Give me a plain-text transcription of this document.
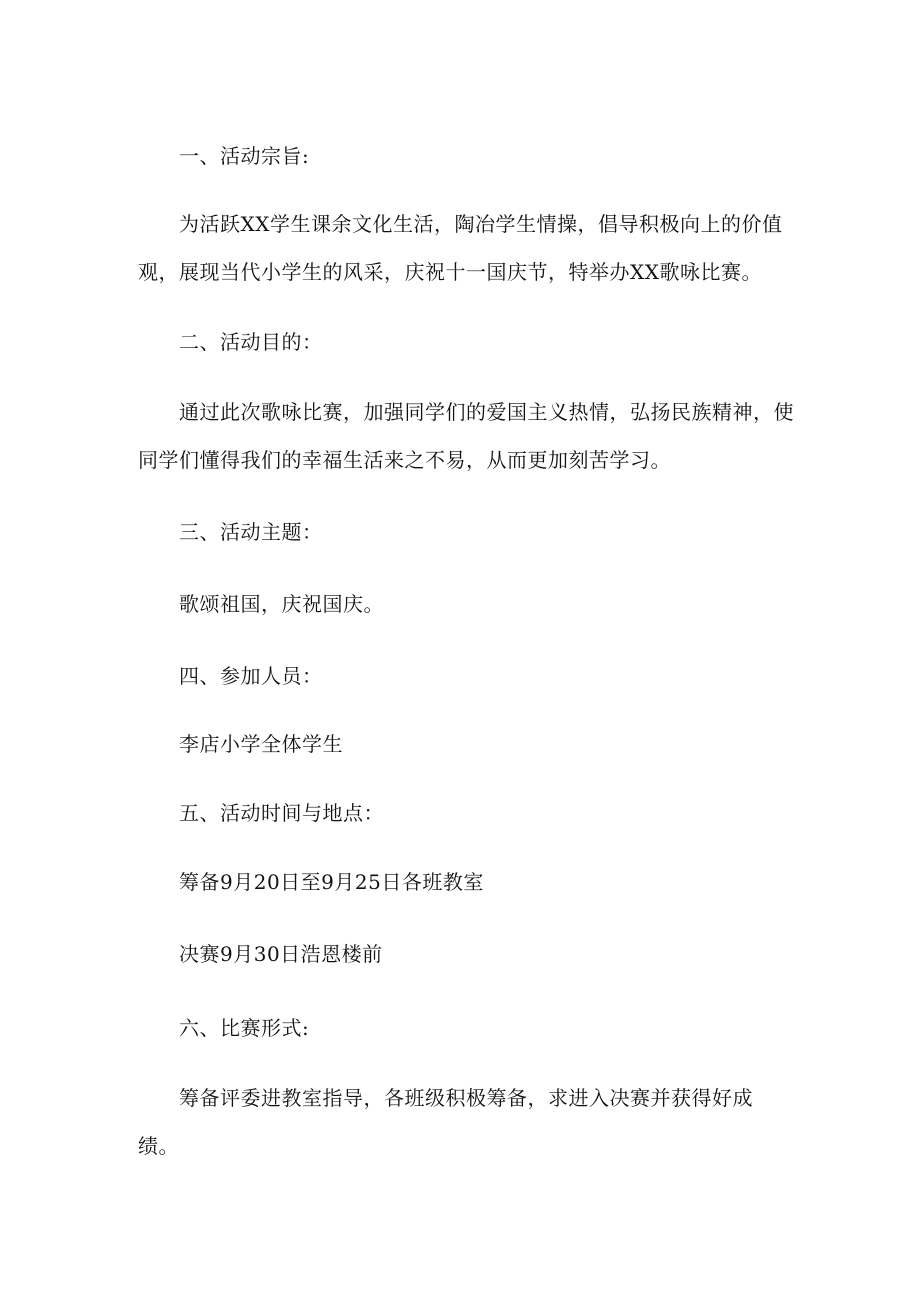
一、活动宗旨:
为活跃XX学生课余文化生活，陶冶学生情操，倡导积极向上的价值
观，展现当代小学生的风采，庆祝十一国庆节，特举办XX歌咏比赛。
二、活动目的：
通过此次歌咏比赛，加强同学们的爱国主义热情，弘扬民族精神，使
同学们懂得我们的幸福生活来之不易，从而更加刻苦学习。
三、活动主题：
歌颂祖国，庆祝国庆。
四、参加人员：
李店小学全体学生
五、活动时间与地点：
筹备9月20日至9月25日各班教室
决赛9月30日浩恩楼前
六、比赛形式:
筹备评委进教室指导，各班级积极筹备，求进入决赛并获得好成
绩。
